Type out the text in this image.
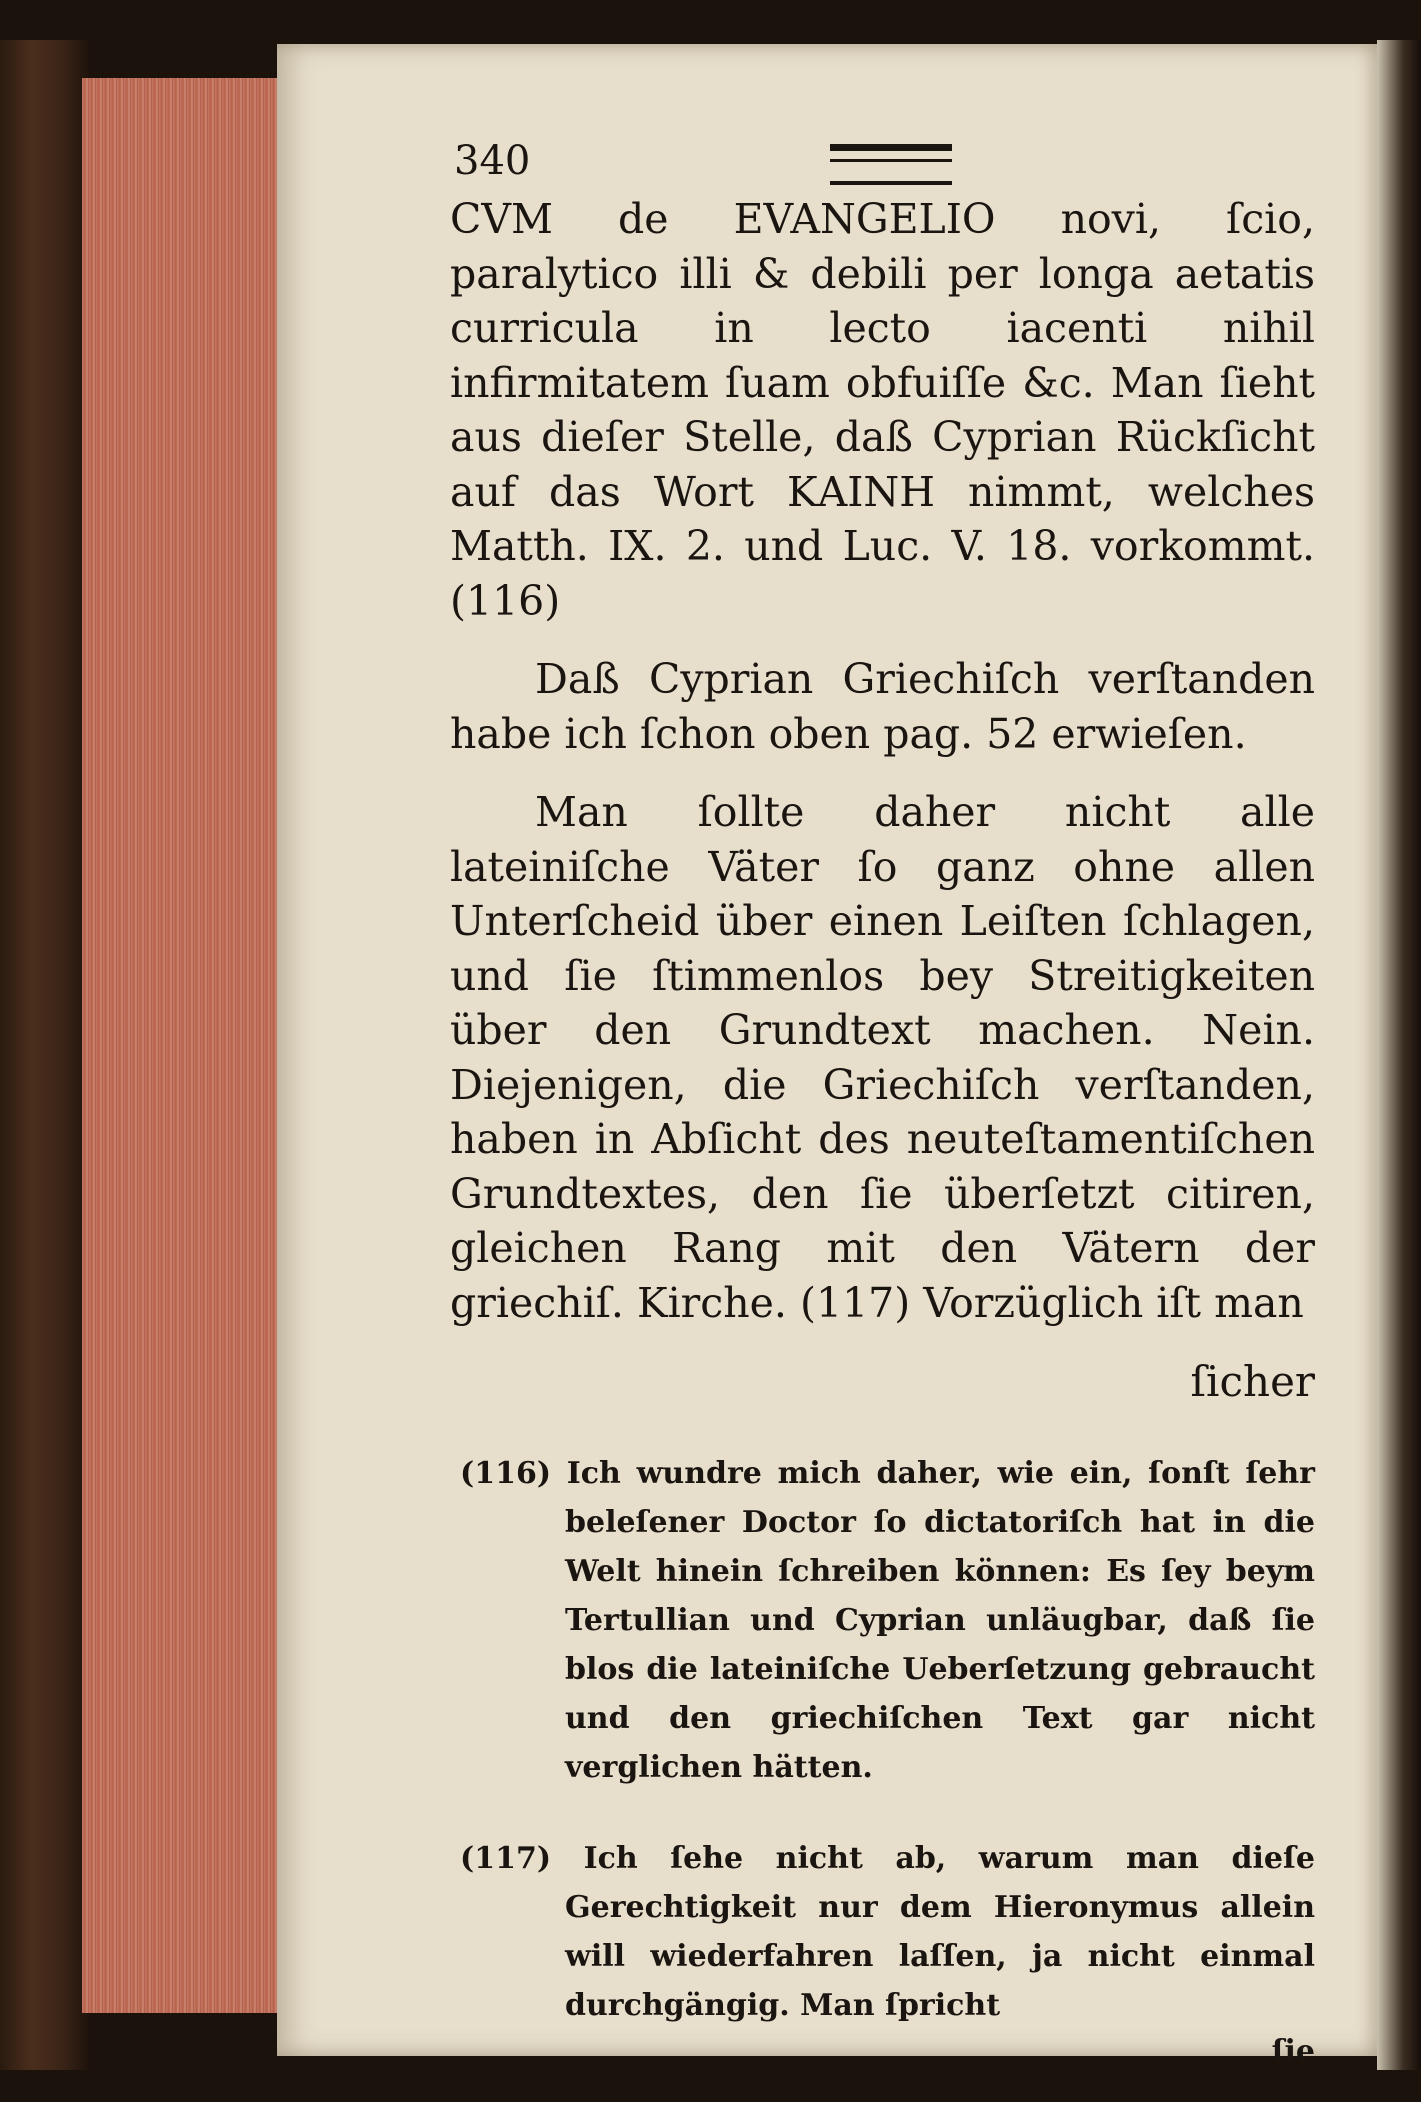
340

CVM de EVANGELIO novi, ſcio, paralytico illi & debili per longa aetatis curricula in lecto iacenti nihil infirmitatem ſuam obfuiſſe &c. Man ſieht aus dieſer Stelle, daß Cyprian Rückſicht auf das Wort ΚΑΙΝΗ nimmt, welches Matth. IX. 2. und Luc. V. 18. vorkommt. (116)

Daß Cyprian Griechiſch verſtanden habe ich ſchon oben pag. 52 erwieſen.

Man ſollte daher nicht alle lateiniſche Väter ſo ganz ohne allen Unterſcheid über einen Leiſten ſchlagen, und ſie ſtimmenlos bey Streitigkeiten über den Grundtext machen. Nein. Diejenigen, die Griechiſch verſtanden, haben in Abſicht des neuteſtamentiſchen Grundtextes, den ſie überſetzt citiren, gleichen Rang mit den Vätern der griechiſ. Kirche. (117) Vorzüglich iſt man

ſicher

(116) Ich wundre mich daher, wie ein, ſonſt ſehr beleſener Doctor ſo dictatoriſch hat in die Welt hinein ſchreiben können: Es ſey beym Tertullian und Cyprian unläugbar, daß ſie blos die lateiniſche Ueberſetzung gebraucht und den griechiſchen Text gar nicht verglichen hätten.

(117) Ich ſehe nicht ab, warum man dieſe Gerechtigkeit nur dem Hieronymus allein will wiederfahren laſſen, ja nicht einmal durchgängig. Man ſpricht

ſie
